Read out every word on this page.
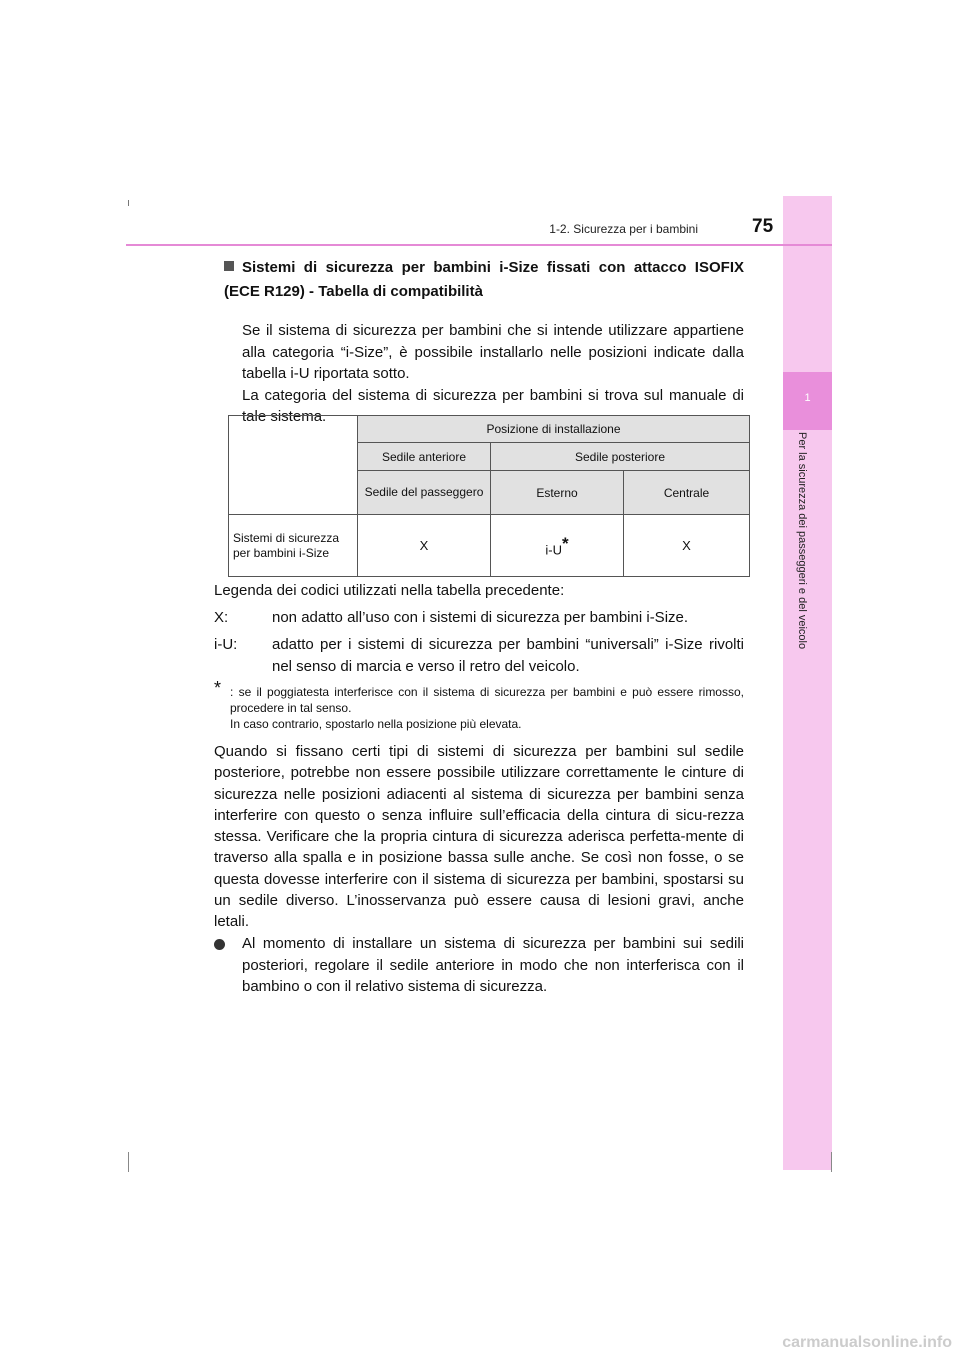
1
Per la sicurezza dei passeggeri e del veicolo
1-2. Sicurezza per i bambini	75
Sistemi di sicurezza per bambini i-Size fissati con attacco ISOFIX (ECE R129) - Tabella di compatibilità

Se il sistema di sicurezza per bambini che si intende utilizzare appartiene alla categoria “i-Size”, è possibile installarlo nelle posizioni indicate dalla tabella i-U riportata sotto.

La categoria del sistema di sicurezza per bambini si trova sul manuale di tale sistema.

	Posizione di installazione		
	Sedile anteriore	Sedile posteriore	
	Sedile del passeggero	Esterno	Centrale
Sistemi di sicurezza per bambini i-Size	X	i-U*	X
Legenda dei codici utilizzati nella tabella precedente:
X:	non adatto all’uso con i sistemi di sicurezza per bambini i-Size.
i-U: adatto per i sistemi di sicurezza per bambini “universali” i-Size rivolti nel senso di marcia e verso il retro del veicolo.
* : se il poggiatesta interferisce con il sistema di sicurezza per bambini e può essere rimosso, procedere in tal senso.
In caso contrario, spostarlo nella posizione più elevata.
Quando si fissano certi tipi di sistemi di sicurezza per bambini sul sedile posteriore, potrebbe non essere possibile utilizzare correttamente le cinture di sicurezza nelle posizioni adiacenti al sistema di sicurezza per bambini senza interferire con questo o senza influire sull’efficacia della cintura di sicu-rezza stessa. Verificare che la propria cintura di sicurezza aderisca perfetta-mente di traverso alla spalla e in posizione bassa sulle anche. Se così non fosse, o se questa dovesse interferire con il sistema di sicurezza per bambini, spostarsi su un sedile diverso. L’inosservanza può essere causa di lesioni gravi, anche letali.
Al momento di installare un sistema di sicurezza per bambini sui sedili posteriori, regolare il sedile anteriore in modo che non interferisca con il bambino o con il relativo sistema di sicurezza.
carmanualsonline.info
